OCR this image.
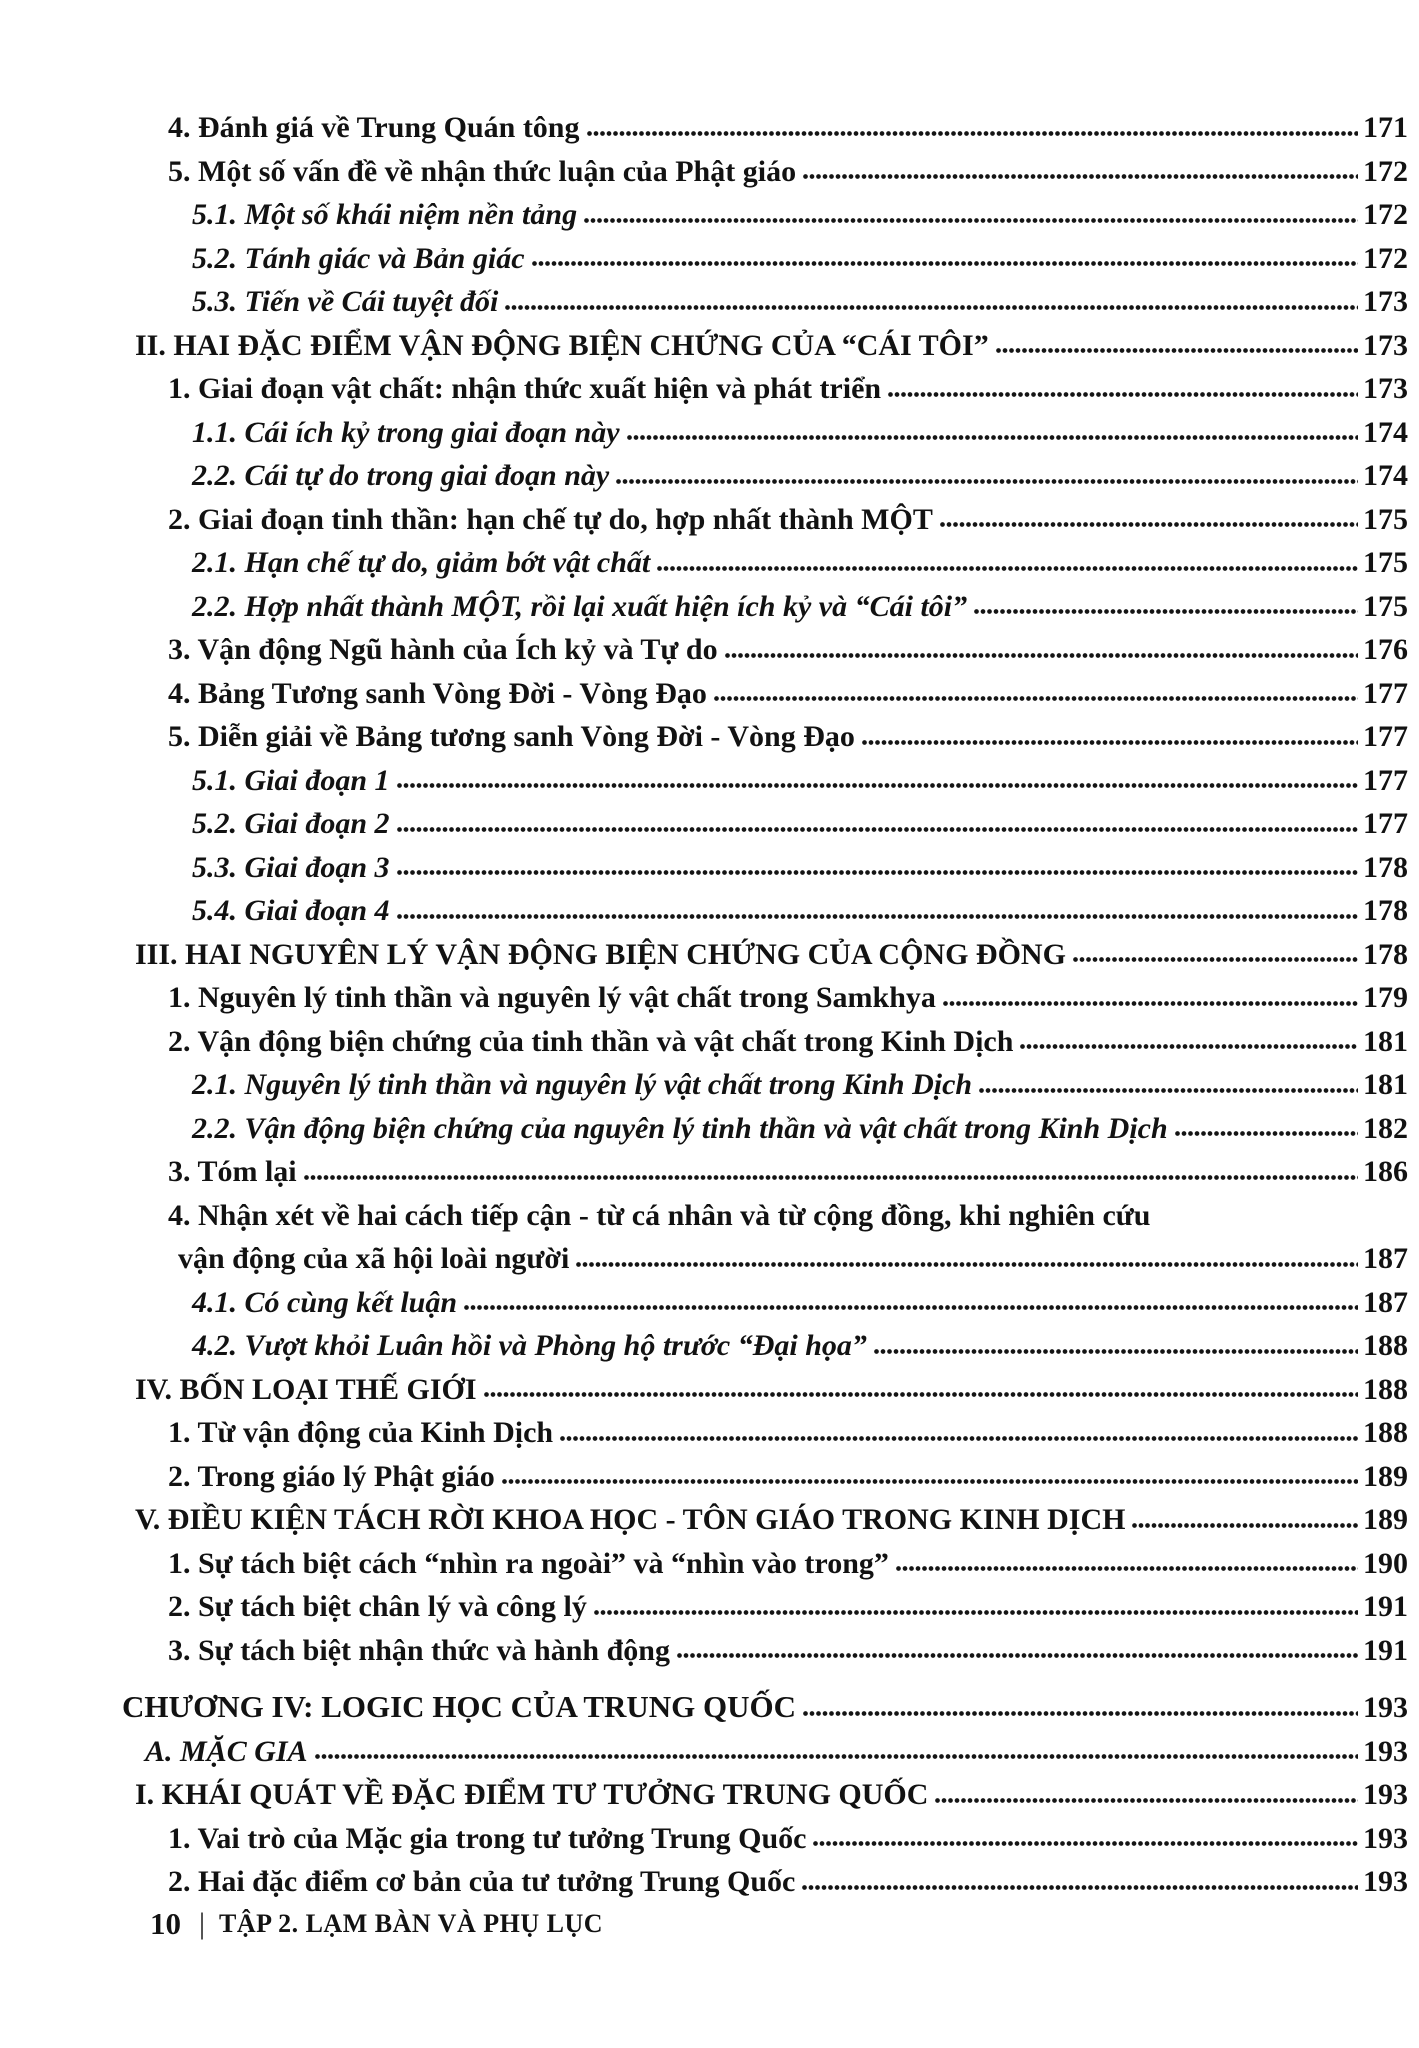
4. Đánh giá về Trung Quán tông	171
5. Một số vấn đề về nhận thức luận của Phật giáo	172
5.1. Một số khái niệm nền tảng	172
5.2. Tánh giác và Bản giác	172
5.3. Tiến về Cái tuyệt đối	173
II. HAI ĐẶC ĐIỂM VẬN ĐỘNG BIỆN CHỨNG CỦA “CÁI TÔI”	173
1. Giai đoạn vật chất: nhận thức xuất hiện và phát triển	173
1.1. Cái ích kỷ trong giai đoạn này	174
2.2. Cái tự do trong giai đoạn này	174
2. Giai đoạn tinh thần: hạn chế tự do, hợp nhất thành MỘT	175
2.1. Hạn chế tự do, giảm bớt vật chất	175
2.2. Hợp nhất thành MỘT, rồi lại xuất hiện ích kỷ và “Cái tôi”	175
3. Vận động Ngũ hành của Ích kỷ và Tự do	176
4. Bảng Tương sanh Vòng Đời - Vòng Đạo	177
5. Diễn giải về Bảng tương sanh Vòng Đời - Vòng Đạo	177
5.1. Giai đoạn 1	177
5.2. Giai đoạn 2	177
5.3. Giai đoạn 3	178
5.4. Giai đoạn 4	178
III. HAI NGUYÊN LÝ VẬN ĐỘNG BIỆN CHỨNG CỦA CỘNG ĐỒNG	178
1. Nguyên lý tinh thần và nguyên lý vật chất trong Samkhya	179
2. Vận động biện chứng của tinh thần và vật chất trong Kinh Dịch	181
2.1. Nguyên lý tinh thần và nguyên lý vật chất trong Kinh Dịch	181
2.2. Vận động biện chứng của nguyên lý tinh thần và vật chất trong Kinh Dịch	182
3. Tóm lại	186
4. Nhận xét về hai cách tiếp cận - từ cá nhân và từ cộng đồng, khi nghiên cứu
vận động của xã hội loài người	187
4.1. Có cùng kết luận	187
4.2. Vượt khỏi Luân hồi và Phòng hộ trước “Đại họa”	188
IV. BỐN LOẠI THẾ GIỚI	188
1. Từ vận động của Kinh Dịch	188
2. Trong giáo lý Phật giáo	189
V. ĐIỀU KIỆN TÁCH RỜI KHOA HỌC - TÔN GIÁO TRONG KINH DỊCH	189
1. Sự tách biệt cách “nhìn ra ngoài” và “nhìn vào trong”	190
2. Sự tách biệt chân lý và công lý	191
3. Sự tách biệt nhận thức và hành động	191
CHƯƠNG IV: LOGIC HỌC CỦA TRUNG QUỐC	193
A. MẶC GIA	193
I. KHÁI QUÁT VỀ ĐẶC ĐIỂM TƯ TƯỞNG TRUNG QUỐC	193
1. Vai trò của Mặc gia trong tư tưởng Trung Quốc	193
2. Hai đặc điểm cơ bản của tư tưởng Trung Quốc	193
10 | TẬP 2. LẠM BÀN VÀ PHỤ LỤC
